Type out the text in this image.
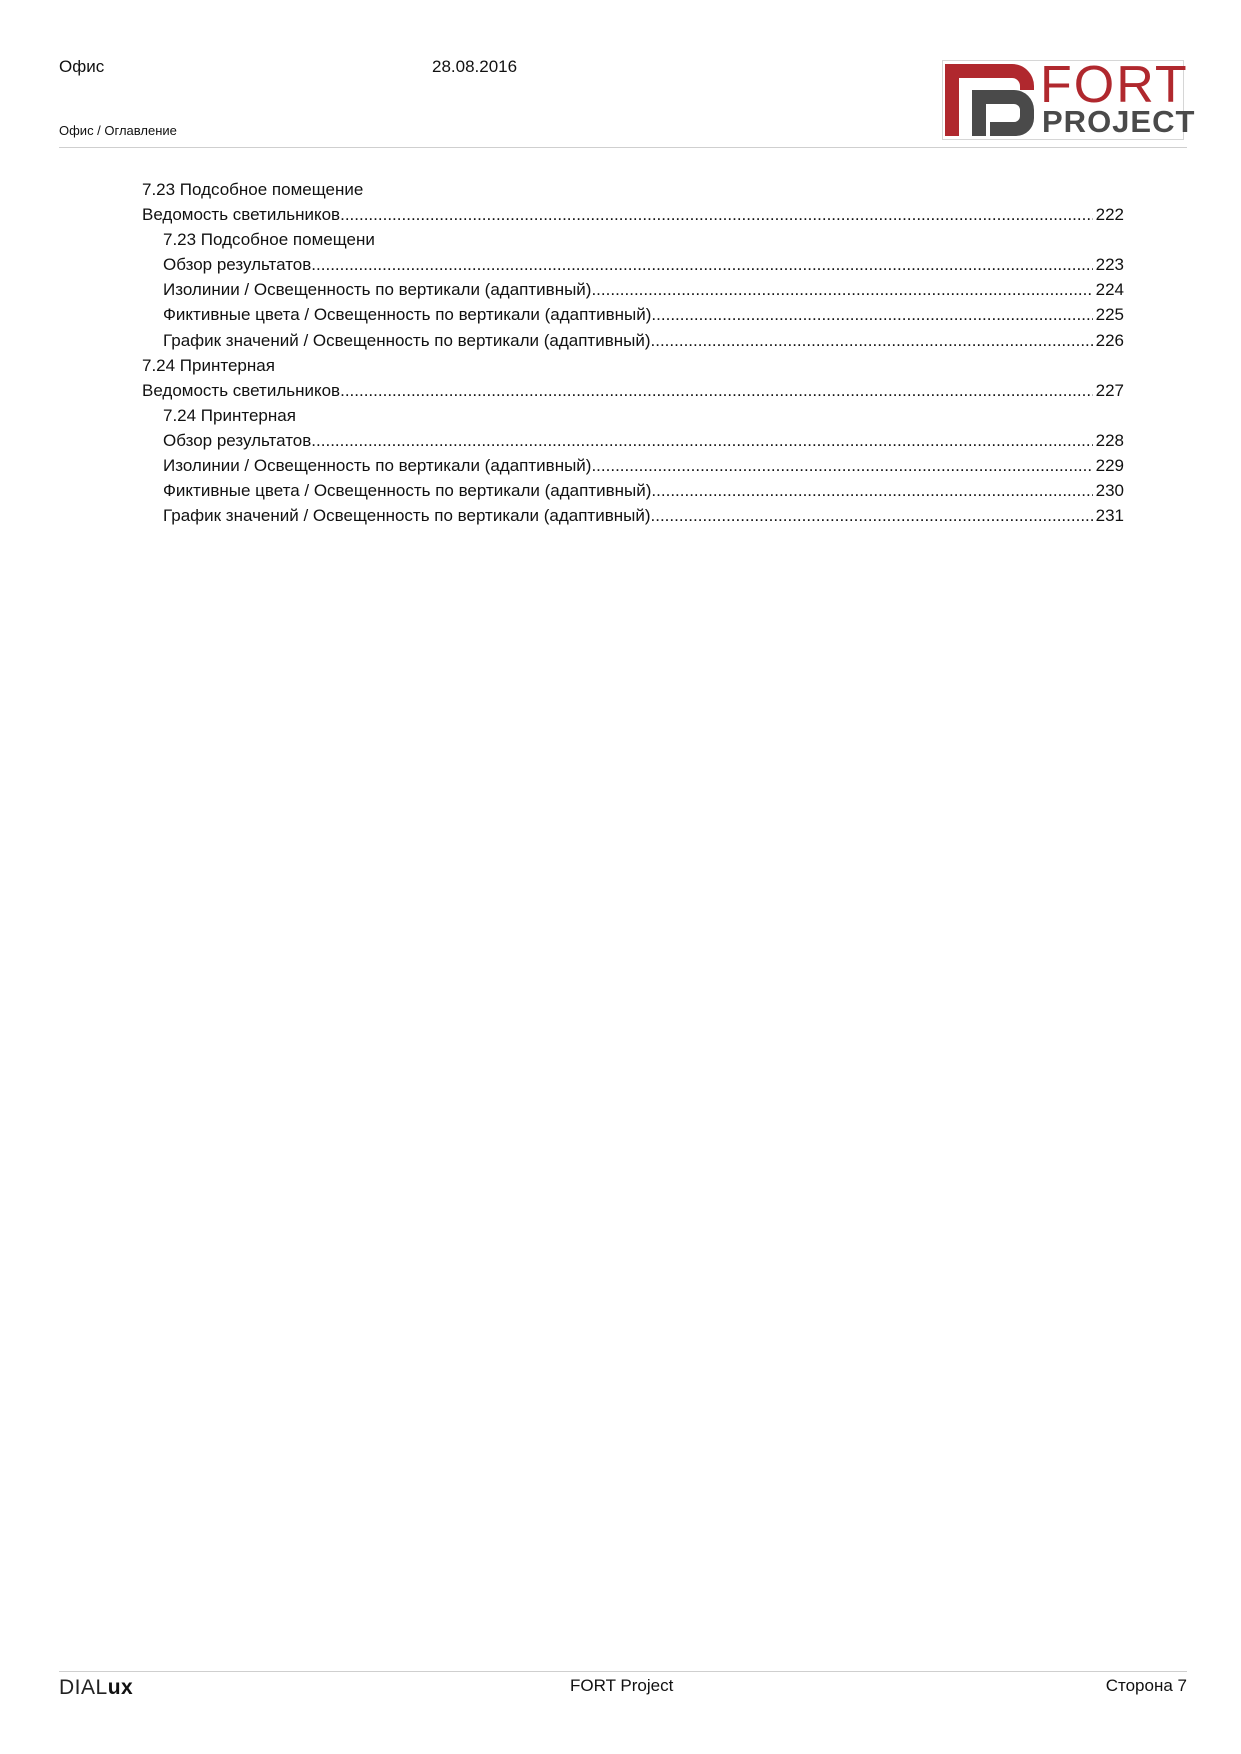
Офис	28.08.2016
Офис / Оглавление
FORT
PROJECT
7.23 Подсобное помещение
Ведомость светильников .....	222
7.23 Подсобное помещени
Обзор результатов .....	223
Изолинии / Освещенность по вертикали (адаптивный) .....	224
Фиктивные цвета / Освещенность по вертикали (адаптивный) .....	225
График значений / Освещенность по вертикали (адаптивный) .....	226
7.24 Принтерная
Ведомость светильников .....	227
7.24 Принтерная
Обзор результатов .....	228
Изолинии / Освещенность по вертикали (адаптивный) .....	229
Фиктивные цвета / Освещенность по вертикали (адаптивный) .....	230
График значений / Освещенность по вертикали (адаптивный) .....	231
DIALux	FORT Project	Сторона 7
